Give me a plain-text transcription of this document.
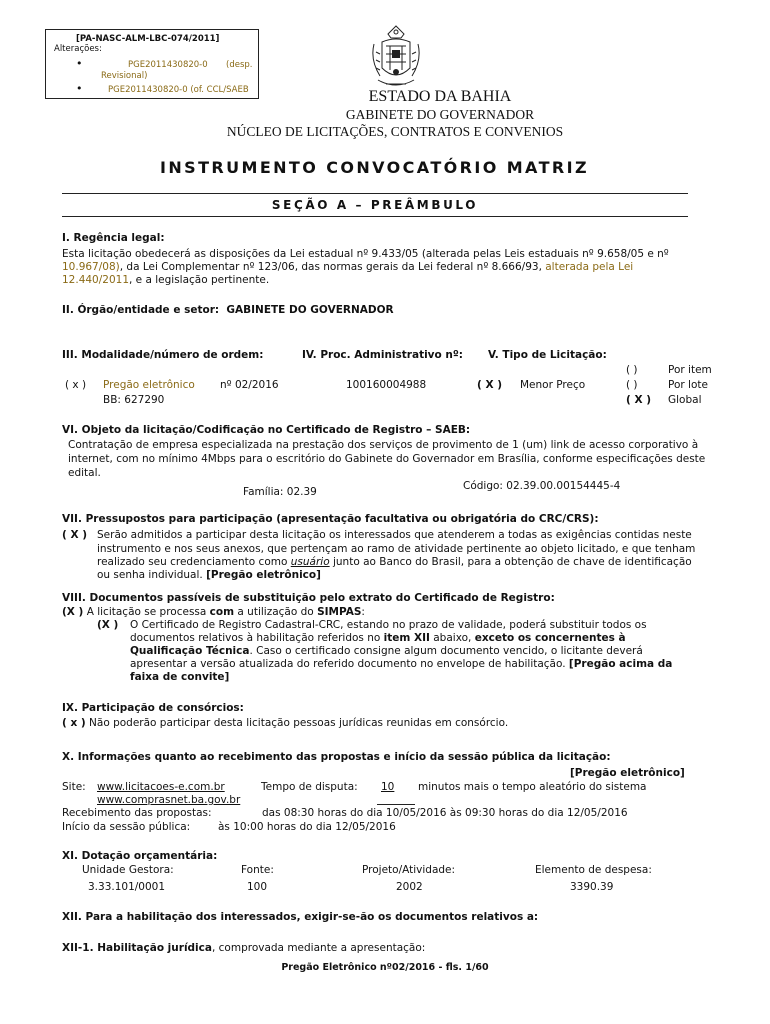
[PA-NASC-ALM-LBC-074/2011]
Alterações:
•	PGE2011430820-0 (desp.
Revisional)
•	PGE2011430820-0 (of. CCL/SAEB	ESTADO DA BAHIA
GABINETE DO GOVERNADOR
NÚCLEO DE LICITAÇÕES, CONTRATOS E CONVENIOS
INSTRUMENTO CONVOCATÓRIO MATRIZ
SEÇÃO A – PREÂMBULO
I. Regência legal:
Esta licitação obedecerá as disposições da Lei estadual nº 9.433/05 (alterada pelas Leis estaduais nº 9.658/05 e nº
10.967/08), da Lei Complementar nº 123/06, das normas gerais da Lei federal nº 8.666/93, alterada pela Lei
12.440/2011, e a legislação pertinente.
II. Órgão/entidade e setor: GABINETE DO GOVERNADOR
III. Modalidade/número de ordem:	IV. Proc. Administrativo nº: V. Tipo de Licitação:
( )	Por item
( x ) Pregão eletrônico nº 02/2016	100160004988	( X ) Menor Preço	( )	Por lote
BB: 627290	( X ) Global
VI. Objeto da licitação/Codificação no Certificado de Registro – SAEB:
Contratação de empresa especializada na prestação dos serviços de provimento de 1 (um) link de acesso corporativo à
internet, com no mínimo 4Mbps para o escritório do Gabinete do Governador em Brasília, conforme especificações deste
edital.
Código: 02.39.00.00154445-4
Família: 02.39
VII. Pressupostos para participação (apresentação facultativa ou obrigatória do CRC/CRS):
( X ) Serão admitidos a participar desta licitação os interessados que atenderem a todas as exigências contidas neste
instrumento e nos seus anexos, que pertençam ao ramo de atividade pertinente ao objeto licitado, e que tenham
realizado seu credenciamento como usuário junto ao Banco do Brasil, para a obtenção de chave de identificação
ou senha individual. [Pregão eletrônico]
VIII. Documentos passíveis de substituição pelo extrato do Certificado de Registro:
(X ) A licitação se processa com a utilização do SIMPAS:
(X ) O Certificado de Registro Cadastral-CRC, estando no prazo de validade, poderá substituir todos os
documentos relativos à habilitação referidos no item XII abaixo, exceto os concernentes à
Qualificação Técnica. Caso o certificado consigne algum documento vencido, o licitante deverá
apresentar a versão atualizada do referido documento no envelope de habilitação. [Pregão acima da
faixa de convite]
IX. Participação de consórcios:
( x ) Não poderão participar desta licitação pessoas jurídicas reunidas em consórcio.
X. Informações quanto ao recebimento das propostas e início da sessão pública da licitação:
[Pregão eletrônico]
Site: www.licitacoes-e.com.br	Tempo de disputa: 10 minutos mais o tempo aleatório do sistema
www.comprasnet.ba.gov.br
Recebimento das propostas:	das 08:30 horas do dia 10/05/2016 às 09:30 horas do dia 12/05/2016
Início da sessão pública:	às 10:00 horas do dia 12/05/2016
XI. Dotação orçamentária:
Unidade Gestora:	Fonte:	Projeto/Atividade:	Elemento de despesa:
3.33.101/0001	100	2002	3390.39
XII. Para a habilitação dos interessados, exigir-se-ão os documentos relativos a:
XII-1. Habilitação jurídica, comprovada mediante a apresentação:
Pregão Eletrônico nº02/2016 - fls. 1/60
